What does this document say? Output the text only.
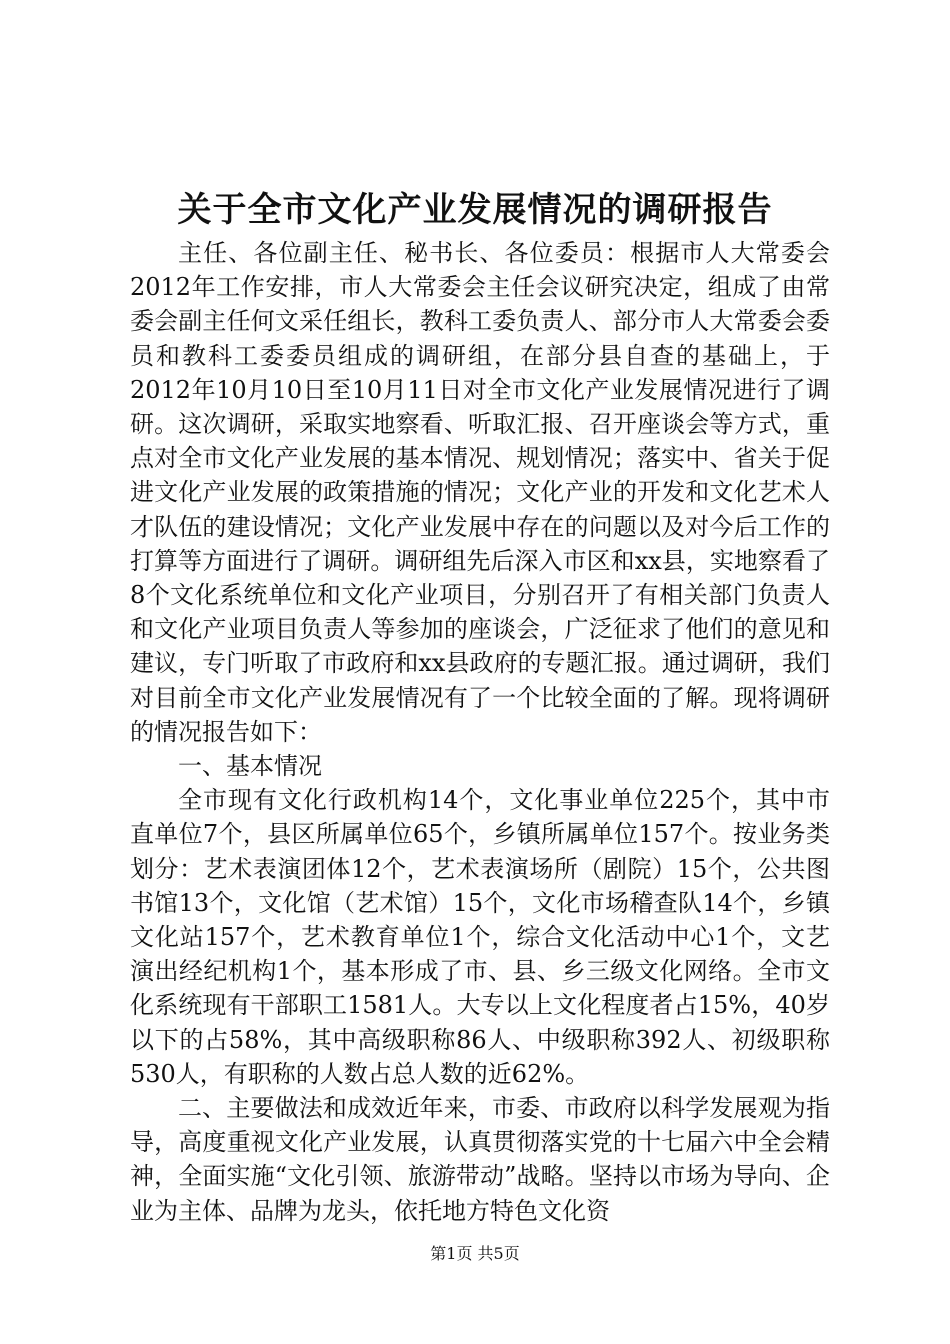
关于全市文化产业发展情况的调研报告

主任、各位副主任、秘书长、各位委员：根据市人大常委会2012年工作安排，市人大常委会主任会议研究决定，组成了由常委会副主任何文采任组长，教科工委负责人、部分市人大常委会委员和教科工委委员组成的调研组，在部分县自查的基础上，于2012年10月10日至10月11日对全市文化产业发展情况进行了调研。这次调研，采取实地察看、听取汇报、召开座谈会等方式，重点对全市文化产业发展的基本情况、规划情况；落实中、省关于促进文化产业发展的政策措施的情况；文化产业的开发和文化艺术人才队伍的建设情况；文化产业发展中存在的问题以及对今后工作的打算等方面进行了调研。调研组先后深入市区和xx县，实地察看了8个文化系统单位和文化产业项目，分别召开了有相关部门负责人和文化产业项目负责人等参加的座谈会，广泛征求了他们的意见和建议，专门听取了市政府和xx县政府的专题汇报。通过调研，我们对目前全市文化产业发展情况有了一个比较全面的了解。现将调研的情况报告如下：

一、基本情况

全市现有文化行政机构14个，文化事业单位225个，其中市直单位7个，县区所属单位65个，乡镇所属单位157个。按业务类划分：艺术表演团体12个，艺术表演场所（剧院）15个，公共图书馆13个，文化馆（艺术馆）15个，文化市场稽查队14个，乡镇文化站157个，艺术教育单位1个，综合文化活动中心1个，文艺演出经纪机构1个，基本形成了市、县、乡三级文化网络。全市文化系统现有干部职工1581人。大专以上文化程度者占15%，40岁以下的占58%，其中高级职称86人、中级职称392人、初级职称530人，有职称的人数占总人数的近62%。

二、主要做法和成效近年来，市委、市政府以科学发展观为指导，高度重视文化产业发展，认真贯彻落实党的十七届六中全会精神，全面实施“文化引领、旅游带动”战略。坚持以市场为导向、企业为主体、品牌为龙头，依托地方特色文化资

第1页 共5页
